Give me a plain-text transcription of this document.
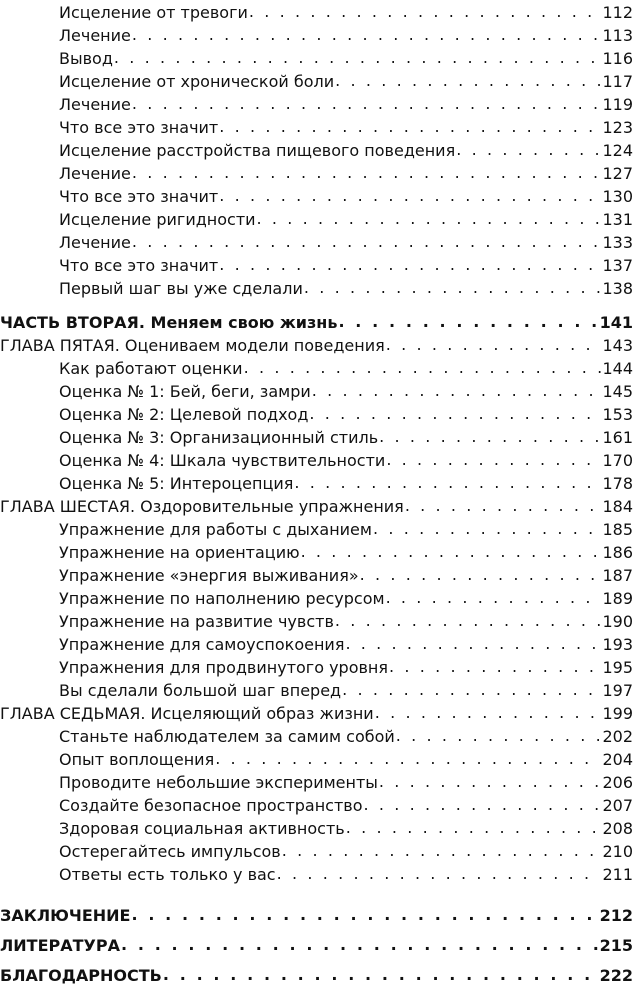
Исцеление от тревоги . . .	112
Лечение . . .	113
Вывод . . .	116
Исцеление от хронической боли . . .	117
Лечение . . .	119
Что все это значит . . .	123
Исцеление расстройства пищевого поведения . . .	124
Лечение . . .	127
Что все это значит . . .	130
Исцеление ригидности . . .	131
Лечение . . .	133
Что все это значит . . .	137
Первый шаг вы уже сделали . . .	138
ЧАСТЬ ВТОРАЯ. Меняем свою жизнь . . .	141
ГЛАВА ПЯТАЯ. Оцениваем модели поведения . . .	143
Как работают оценки . . .	144
Оценка № 1: Бей, беги, замри . . .	145
Оценка № 2: Целевой подход . . .	153
Оценка № 3: Организационный стиль . . .	161
Оценка № 4: Шкала чувствительности . . .	170
Оценка № 5: Интероцепция . . .	178
ГЛАВА ШЕСТАЯ. Оздоровительные упражнения . . .	184
Упражнение для работы с дыханием . . .	185
Упражнение на ориентацию . . .	186
Упражнение «энергия выживания» . . .	187
Упражнение по наполнению ресурсом . . .	189
Упражнение на развитие чувств . . .	190
Упражнение для самоуспокоения . . .	193
Упражнения для продвинутого уровня . . .	195
Вы сделали большой шаг вперед . . .	197
ГЛАВА СЕДЬМАЯ. Исцеляющий образ жизни . . .	199
Станьте наблюдателем за самим собой . . .	202
Опыт воплощения . . .	204
Проводите небольшие эксперименты . . .	206
Создайте безопасное пространство . . .	207
Здоровая социальная активность . . .	208
Остерегайтесь импульсов . . .	210
Ответы есть только у вас . . .	211
ЗАКЛЮЧЕНИЕ . . .	212
ЛИТЕРАТУРА . . .	215
БЛАГОДАРНОСТЬ . . .	222
